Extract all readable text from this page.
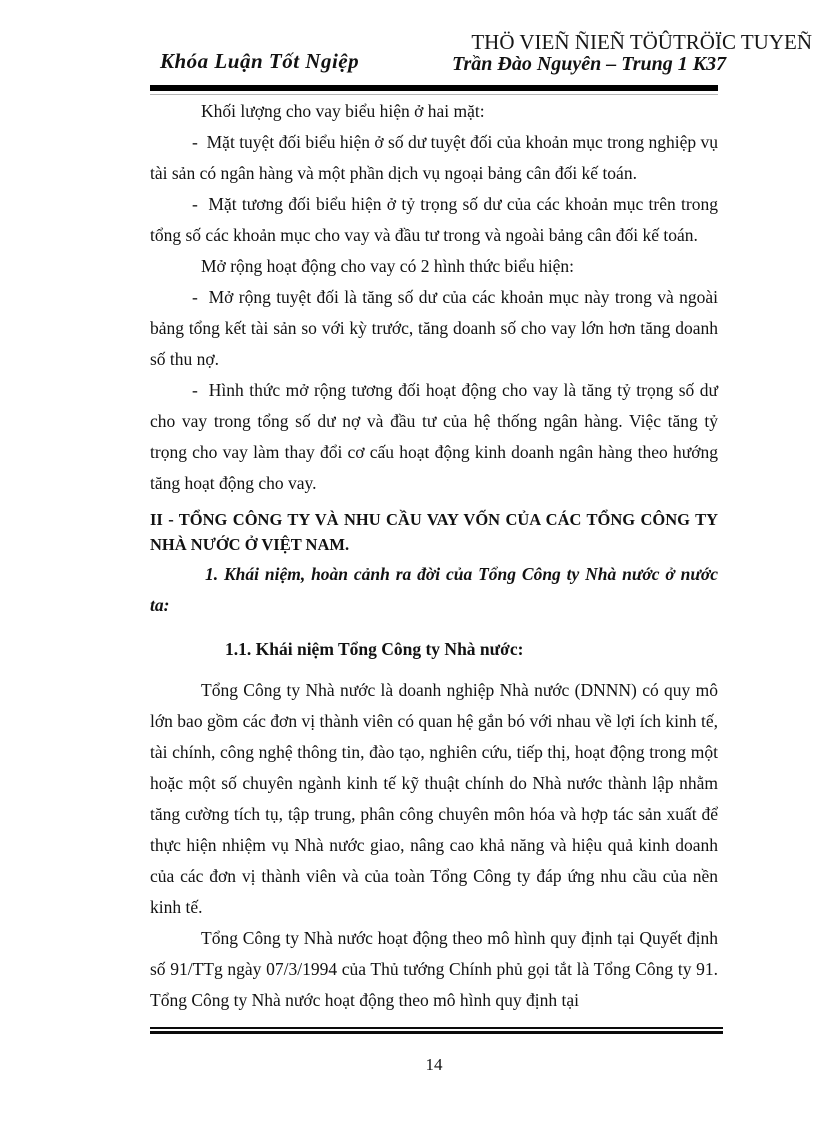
THÖ VIEÑ ÑIEÑ TÖÛTRÖÏC TUYEÑ
Khóa Luận Tốt Ngiệp	Trần Đào Nguyên – Trung 1 K37

Khối lượng cho vay biểu hiện ở hai mặt:

-  Mặt tuyệt đối biểu hiện ở số dư tuyệt đối của khoản mục trong nghiệp vụ tài sản có ngân hàng và một phần dịch vụ ngoại bảng cân đối kế toán.

-  Mặt tương đối biểu hiện ở tỷ trọng số dư của các khoản mục trên trong tổng số các khoản mục cho vay và đầu tư trong và ngoài bảng cân đối kế toán.

Mở rộng hoạt động cho vay có 2 hình thức biểu hiện:

-  Mở rộng tuyệt đối là tăng số dư của các khoản mục này trong và ngoài bảng tổng kết tài sản so với kỳ trước, tăng doanh số cho vay lớn hơn tăng doanh số thu nợ.

-  Hình thức mở rộng tương đối hoạt động cho vay là tăng tỷ trọng số dư cho vay trong tổng số dư nợ và đầu tư của hệ thống ngân hàng. Việc tăng tỷ trọng cho vay làm thay đổi cơ cấu hoạt động kinh doanh ngân hàng theo hướng tăng hoạt động cho vay.

II - TỔNG CÔNG TY VÀ NHU CẦU VAY VỐN CỦA CÁC TỔNG CÔNG TY NHÀ NƯỚC Ở VIỆT NAM.

1. Khái niệm, hoàn cảnh ra đời của Tổng Công ty Nhà nước ở nước ta:

1.1. Khái niệm Tổng Công ty Nhà nước:

Tổng Công ty Nhà nước là doanh nghiệp Nhà nước (DNNN) có quy mô lớn bao gồm các đơn vị thành viên có quan hệ gắn bó với nhau về lợi ích kinh tế, tài chính, công nghệ thông tin, đào tạo, nghiên cứu, tiếp thị, hoạt động trong một hoặc một số chuyên ngành kinh tế kỹ thuật chính do Nhà nước thành lập nhằm tăng cường tích tụ, tập trung, phân công chuyên môn hóa và hợp tác sản xuất để thực hiện nhiệm vụ Nhà nước giao, nâng cao khả năng và hiệu quả kinh doanh của các đơn vị thành viên và của toàn Tổng Công ty đáp ứng nhu cầu của nền kinh tế.

Tổng Công ty Nhà nước hoạt động theo mô hình quy định tại Quyết định số 91/TTg ngày 07/3/1994 của Thủ tướng Chính phủ gọi tắt là Tổng Công ty 91. Tổng Công ty Nhà nước hoạt động theo mô hình quy định tại

14
